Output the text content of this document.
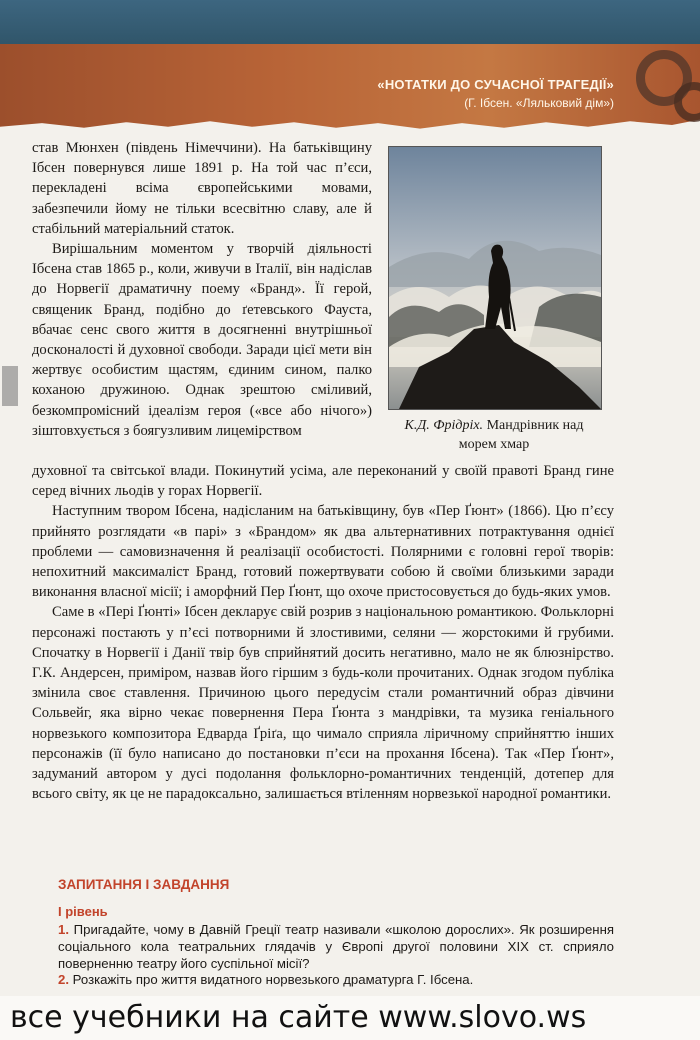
«НОТАТКИ ДО СУЧАСНОЇ ТРАГЕДІЇ»
(Г. Ібсен. «Ляльковий дім»)

став Мюнхен (південь Німеччини). На батьківщину Ібсен повернувся лише 1891 р. На той час п’єси, перекладені всіма європейськими мовами, забезпечили йому не тільки всесвітню славу, але й стабільний матеріальний статок.

Вирішальним моментом у творчій діяльності Ібсена став 1865 р., коли, живучи в Італії, він надіслав до Норвегії драматичну поему «Бранд». Її герой, священик Бранд, подібно до ґетевського Фауста, вбачає сенс свого життя в досягненні внутрішньої досконалості й духовної свободи. Заради цієї мети він жертвує особистим щастям, єдиним сином, палко коханою дружиною. Однак зрештою сміливий, безкомпромісний ідеалізм героя («все або нічого») зіштовхується з боягузливим лицемірством	К.Д. Фрідріх. Мандрівник над морем хмар

духовної та світської влади. Покинутий усіма, але переконаний у своїй правоті Бранд гине серед вічних льодів у горах Норвегії.

Наступним твором Ібсена, надісланим на батьківщину, був «Пер Ґюнт» (1866). Цю п’єсу прийнято розглядати «в парі» з «Брандом» як два альтернативних потрактування однієї проблеми — самовизначення й реалізації особистості. Полярними є головні герої творів: непохитний максималіст Бранд, готовий пожертвувати собою й своїми близькими заради виконання власної місії; і аморфний Пер Ґюнт, що охоче пристосовується до будь-яких умов.

Саме в «Пері Ґюнті» Ібсен декларує свій розрив з національною романтикою. Фольклорні персонажі постають у п’єсі потворними й злостивими, селяни — жорстокими й грубими. Спочатку в Норвегії і Данії твір був сприйнятий досить негативно, мало не як блюзнірство. Г.К. Андерсен, приміром, назвав його гіршим з будь-коли прочитаних. Однак згодом публіка змінила своє ставлення. Причиною цього передусім стали романтичний образ дівчини Сольвейг, яка вірно чекає повернення Пера Ґюнта з мандрівки, та музика геніального норвезького композитора Едварда Ґріґа, що чимало сприяла ліричному сприйняттю інших персонажів (її було написано до постановки п’єси на прохання Ібсена). Так «Пер Ґюнт», задуманий автором у дусі подолання фольклорно-романтичних тенденцій, дотепер для всього світу, як це не парадоксально, залишається втіленням норвезької народної романтики.

ЗАПИТАННЯ І ЗАВДАННЯ
І рівень

1. Пригадайте, чому в Давній Греції театр називали «школою дорослих». Як розширення соціального кола театральних глядачів у Європі другої половини XIX ст. сприяло поверненню театру його суспільної місії?

2. Розкажіть про життя видатного норвезького драматурга Г. Ібсена.

все учебники на сайте www.slovo.ws
